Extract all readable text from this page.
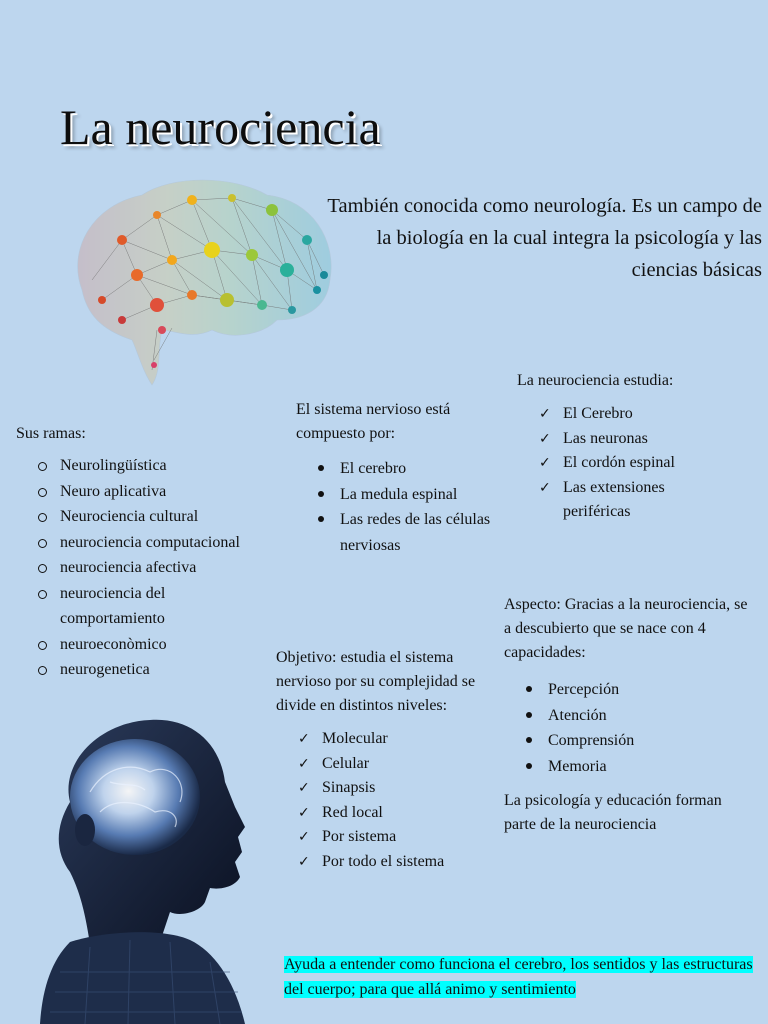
La neurociencia
También conocida como neurología. Es un campo de la biología en la cual integra la psicología y las ciencias básicas
La neurociencia estudia:
✓ El Cerebro
✓ Las neuronas
✓ El cordón espinal
✓ Las extensiones periféricas
Sus ramas:
Neurolingüística
Neuro aplicativa
Neurociencia cultural
neurociencia computacional
neurociencia afectiva
neurociencia del comportamiento
neuroeconòmico
neurogenetica
El sistema nervioso está compuesto por:
El cerebro
La medula espinal
Las redes de las células nerviosas
Aspecto: Gracias a la neurociencia, se a descubierto que se nace con 4 capacidades:
Percepción
Atención
Comprensión
Memoria
La psicología y educación forman parte de la neurociencia
Objetivo: estudia el sistema nervioso por su complejidad se divide en distintos niveles:
✓ Molecular
✓ Celular
✓ Sinapsis
✓ Red local
✓ Por sistema
✓ Por todo el sistema
Ayuda a entender como funciona el cerebro, los sentidos y las estructuras del cuerpo; para que allá animo y sentimiento
